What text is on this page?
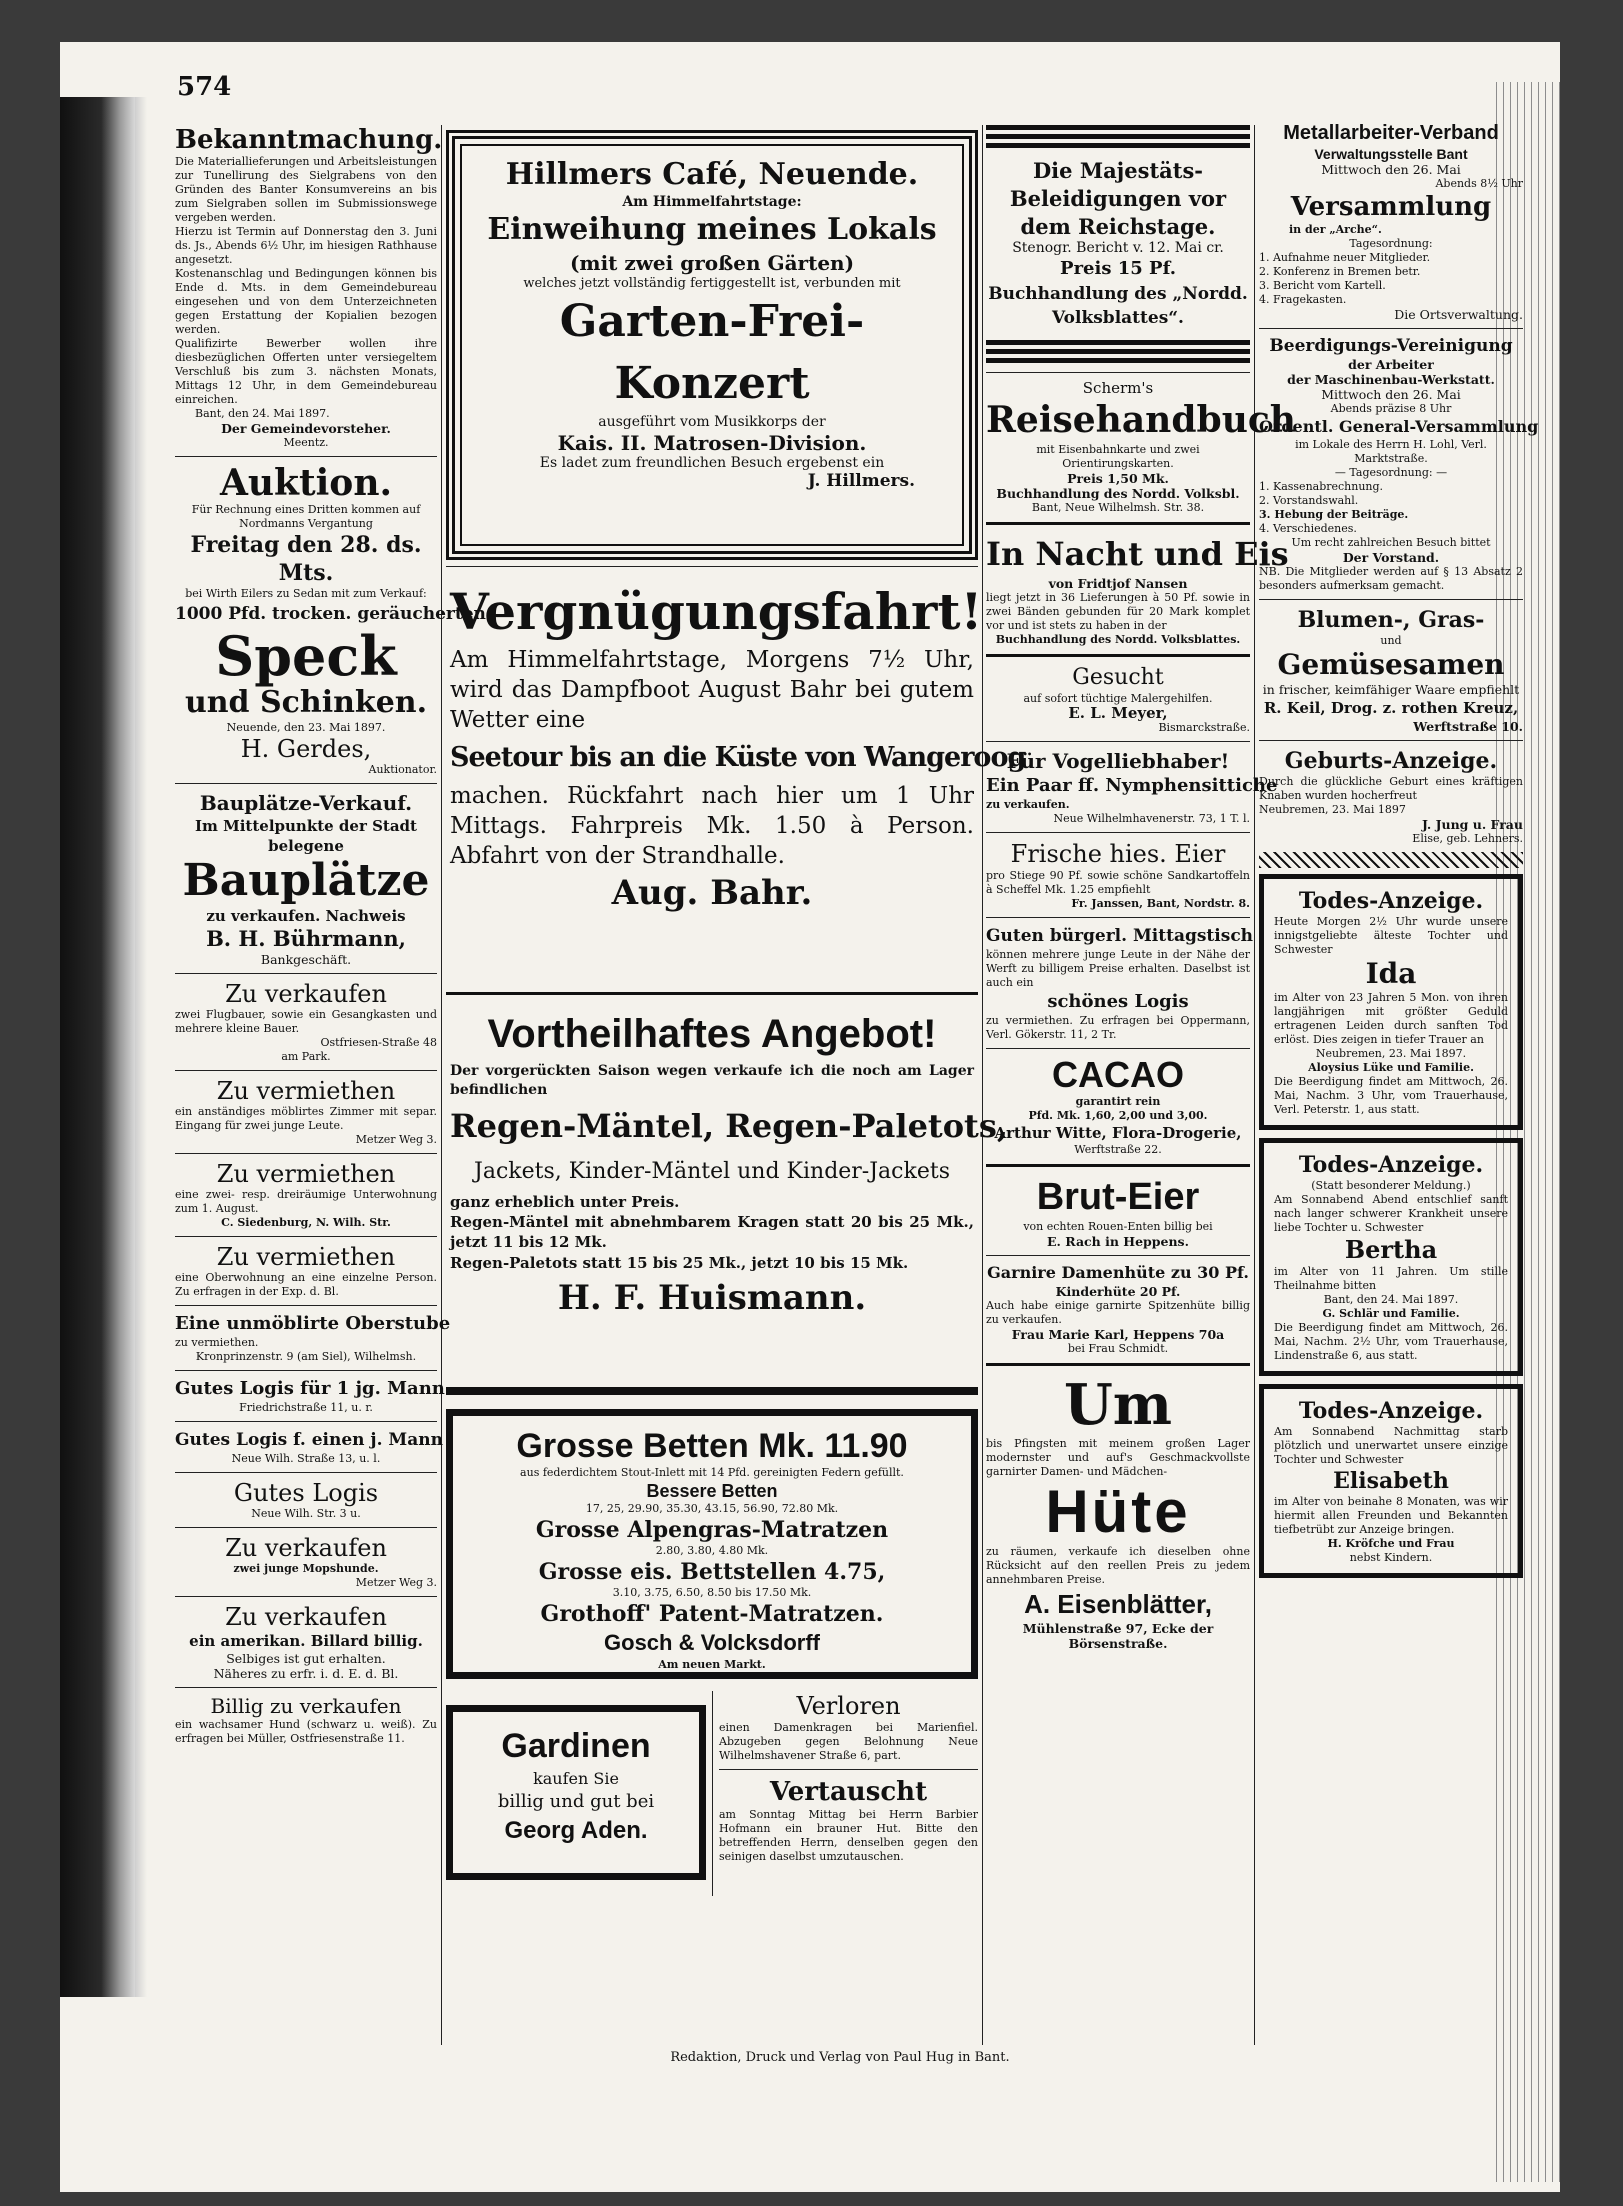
574
Bekanntmachung.
Die Materiallieferungen und Arbeitsleistungen zur Tunellirung des Sielgrabens von den Gründen des Banter Konsumvereins an bis zum Sielgraben sollen im Submissionswege vergeben werden.
Hierzu ist Termin auf Donnerstag den 3. Juni ds. Js., Abends 6½ Uhr, im hiesigen Rathhause angesetzt.
Kostenanschlag und Bedingungen können bis Ende d. Mts. in dem Gemeindebureau eingesehen und von dem Unterzeichneten gegen Erstattung der Kopialien bezogen werden.
Qualifizirte Bewerber wollen ihre diesbezüglichen Offerten unter versiegeltem Verschluß bis zum 3. nächsten Monats, Mittags 12 Uhr, in dem Gemeindebureau einreichen.
Bant, den 24. Mai 1897.
Der Gemeindevorsteher.
Meentz.
Auktion.
Für Rechnung eines Dritten kommen auf Nordmanns Vergantung
Freitag den 28. ds. Mts.
bei Wirth Eilers zu Sedan mit zum Verkauf:
1000 Pfd. trocken. geräucherten
Speck
und Schinken.
Neuende, den 23. Mai 1897.
H. Gerdes,
Auktionator.
Bauplätze-Verkauf.
Im Mittelpunkte der Stadt belegene
Bauplätze
zu verkaufen. Nachweis
B. H. Bührmann,
Bankgeschäft.
Zu verkaufen
zwei Flugbauer, sowie ein Gesangkasten und mehrere kleine Bauer.
Ostfriesen-Straße 48
am Park.
Zu vermiethen
ein anständiges möblirtes Zimmer mit separ. Eingang für zwei junge Leute.
Metzer Weg 3.
Zu vermiethen
eine zwei- resp. dreiräumige Unterwohnung zum 1. August.
C. Siedenburg, N. Wilh. Str.
Zu vermiethen
eine Oberwohnung an eine einzelne Person. Zu erfragen in der Exp. d. Bl.
Eine unmöblirte Oberstube
zu vermiethen.
Kronprinzenstr. 9 (am Siel), Wilhelmsh.
Gutes Logis für 1 jg. Mann
Friedrichstraße 11, u. r.
Gutes Logis f. einen j. Mann
Neue Wilh. Straße 13, u. l.
Gutes Logis
Neue Wilh. Str. 3 u.
Zu verkaufen
zwei junge Mopshunde.
Metzer Weg 3.
Zu verkaufen
ein amerikan. Billard billig.
Selbiges ist gut erhalten.
Näheres zu erfr. i. d. E. d. Bl.
Billig zu verkaufen
ein wachsamer Hund (schwarz u. weiß). Zu erfragen bei Müller, Ostfriesenstraße 11.
Hillmers Café, Neuende.
Am Himmelfahrtstage:
Einweihung meines Lokals
(mit zwei großen Gärten)
welches jetzt vollständig fertiggestellt ist, verbunden mit
Garten-Frei-Konzert
ausgeführt vom Musikkorps der
Kais. II. Matrosen-Division.
Es ladet zum freundlichen Besuch ergebenst ein
J. Hillmers.
Vergnügungsfahrt!
Am Himmelfahrtstage, Morgens 7½ Uhr, wird das Dampfboot August Bahr bei gutem Wetter eine
Seetour bis an die Küste von Wangeroog
machen. Rückfahrt nach hier um 1 Uhr Mittags. Fahrpreis Mk. 1.50 à Person. Abfahrt von der Strandhalle.
Aug. Bahr.
Vortheilhaftes Angebot!
Der vorgerückten Saison wegen verkaufe ich die noch am Lager befindlichen
Regen-Mäntel, Regen-Paletots,
Jackets, Kinder-Mäntel und Kinder-Jackets
ganz erheblich unter Preis.
Regen-Mäntel mit abnehmbarem Kragen statt 20 bis 25 Mk., jetzt 11 bis 12 Mk.
Regen-Paletots statt 15 bis 25 Mk., jetzt 10 bis 15 Mk.
H. F. Huismann.
Grosse Betten Mk. 11.90
aus federdichtem Stout-Inlett mit 14 Pfd. gereinigten Federn gefüllt.
Bessere Betten
17, 25, 29.90, 35.30, 43.15, 56.90, 72.80 Mk.
Grosse Alpengras-Matratzen
2.80, 3.80, 4.80 Mk.
Grosse eis. Bettstellen 4.75,
3.10, 3.75, 6.50, 8.50 bis 17.50 Mk.
Grothoff' Patent-Matratzen.
Gosch & Volcksdorff
Am neuen Markt.
Gardinen
kaufen Sie
billig und gut bei
Georg Aden.
Verloren
einen Damenkragen bei Marienfiel. Abzugeben gegen Belohnung Neue Wilhelmshavener Straße 6, part.
Vertauscht
am Sonntag Mittag bei Herrn Barbier Hofmann ein brauner Hut. Bitte den betreffenden Herrn, denselben gegen den seinigen daselbst umzutauschen.
Die Majestäts-Beleidigungen vor dem Reichstage.
Stenogr. Bericht v. 12. Mai cr.
Preis 15 Pf.
Buchhandlung des „Nordd. Volksblattes“.
Scherm's
Reisehandbuch
mit Eisenbahnkarte und zwei Orientirungskarten.
Preis 1,50 Mk.
Buchhandlung des Nordd. Volksbl.
Bant, Neue Wilhelmsh. Str. 38.
In Nacht und Eis
von Fridtjof Nansen
liegt jetzt in 36 Lieferungen à 50 Pf. sowie in zwei Bänden gebunden für 20 Mark komplet vor und ist stets zu haben in der
Buchhandlung des Nordd. Volksblattes.
Gesucht
auf sofort tüchtige Malergehilfen.
E. L. Meyer,
Bismarckstraße.
Für Vogelliebhaber!
Ein Paar ff. Nymphensittiche
zu verkaufen.
Neue Wilhelmhavenerstr. 73, 1 T. l.
Frische hies. Eier
pro Stiege 90 Pf. sowie schöne Sandkartoffeln à Scheffel Mk. 1.25 empfiehlt
Fr. Janssen, Bant, Nordstr. 8.
Guten bürgerl. Mittagstisch
können mehrere junge Leute in der Nähe der Werft zu billigem Preise erhalten. Daselbst ist auch ein
schönes Logis
zu vermiethen. Zu erfragen bei Oppermann, Verl. Gökerstr. 11, 2 Tr.
CACAO
garantirt rein
Pfd. Mk. 1,60, 2,00 und 3,00.
Arthur Witte, Flora-Drogerie,
Werftstraße 22.
Brut-Eier
von echten Rouen-Enten billig bei
E. Rach in Heppens.
Garnire Damenhüte zu 30 Pf.
Kinderhüte 20 Pf.
Auch habe einige garnirte Spitzenhüte billig zu verkaufen.
Frau Marie Karl, Heppens 70a
bei Frau Schmidt.
Um
bis Pfingsten mit meinem großen Lager modernster und auf's Geschmackvollste garnirter Damen- und Mädchen-
Hüte
zu räumen, verkaufe ich dieselben ohne Rücksicht auf den reellen Preis zu jedem annehmbaren Preise.
A. Eisenblätter,
Mühlenstraße 97, Ecke der Börsenstraße.
Metallarbeiter-Verband
Verwaltungsstelle Bant
Mittwoch den 26. Mai
Abends 8½ Uhr
Versammlung
in der „Arche“.
Tagesordnung:
1. Aufnahme neuer Mitglieder.
2. Konferenz in Bremen betr.
3. Bericht vom Kartell.
4. Fragekasten.
Die Ortsverwaltung.
Beerdigungs-Vereinigung
der Arbeiter
der Maschinenbau-Werkstatt.
Mittwoch den 26. Mai
Abends präzise 8 Uhr
Ordentl. General-Versammlung
im Lokale des Herrn H. Lohl, Verl. Marktstraße.
— Tagesordnung: —
1. Kassenabrechnung.
2. Vorstandswahl.
3. Hebung der Beiträge.
4. Verschiedenes.
Um recht zahlreichen Besuch bittet
Der Vorstand.
NB. Die Mitglieder werden auf § 13 Absatz 2 besonders aufmerksam gemacht.
Blumen-, Gras-
und
Gemüsesamen
in frischer, keimfähiger Waare empfiehlt
R. Keil, Drog. z. rothen Kreuz,
Werftstraße 10.
Geburts-Anzeige.
Durch die glückliche Geburt eines kräftigen Knaben wurden hocherfreut
Neubremen, 23. Mai 1897
J. Jung u. Frau
Elise, geb. Lehners.
Todes-Anzeige.
Heute Morgen 2½ Uhr wurde unsere innigstgeliebte älteste Tochter und Schwester
Ida
im Alter von 23 Jahren 5 Mon. von ihren langjährigen mit größter Geduld ertragenen Leiden durch sanften Tod erlöst. Dies zeigen in tiefer Trauer an
Neubremen, 23. Mai 1897.
Aloysius Lüke und Familie.
Die Beerdigung findet am Mittwoch, 26. Mai, Nachm. 3 Uhr, vom Trauerhause, Verl. Peterstr. 1, aus statt.
Todes-Anzeige.
(Statt besonderer Meldung.)
Am Sonnabend Abend entschlief sanft nach langer schwerer Krankheit unsere liebe Tochter u. Schwester
Bertha
im Alter von 11 Jahren. Um stille Theilnahme bitten
Bant, den 24. Mai 1897.
G. Schlär und Familie.
Die Beerdigung findet am Mittwoch, 26. Mai, Nachm. 2½ Uhr, vom Trauerhause, Lindenstraße 6, aus statt.
Todes-Anzeige.
Am Sonnabend Nachmittag starb plötzlich und unerwartet unsere einzige Tochter und Schwester
Elisabeth
im Alter von beinahe 8 Monaten, was wir hiermit allen Freunden und Bekannten tiefbetrübt zur Anzeige bringen.
H. Kröfche und Frau
nebst Kindern.
Redaktion, Druck und Verlag von Paul Hug in Bant.
